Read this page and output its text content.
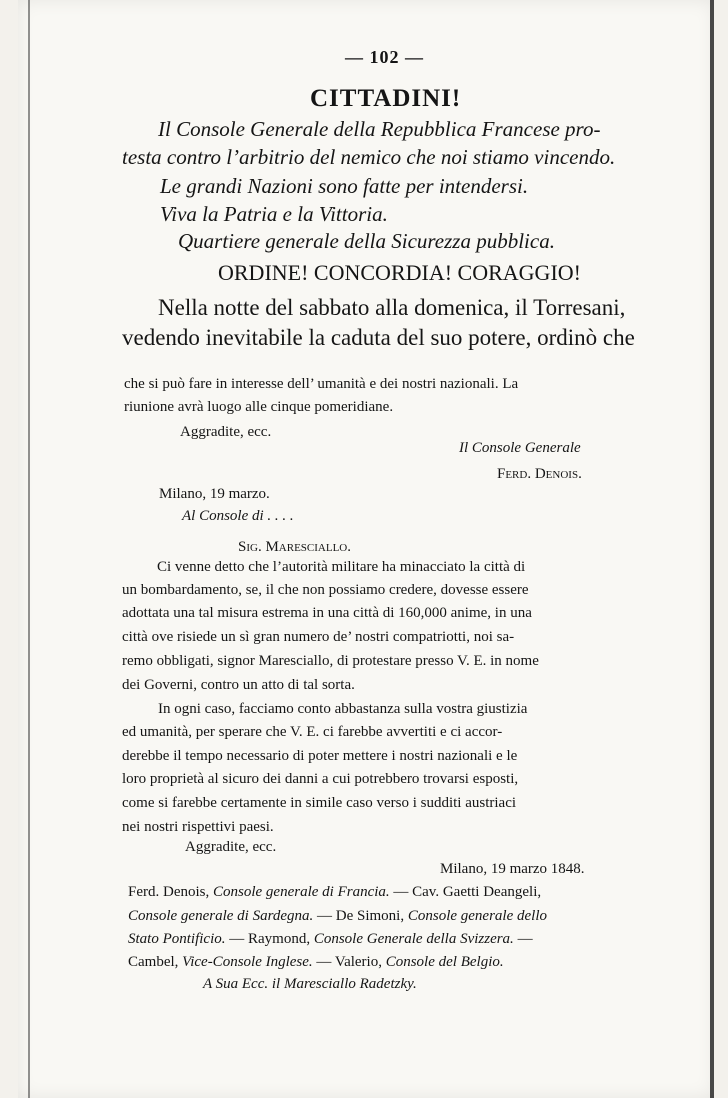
— 102 —
CITTADINI!
Il Console Generale della Repubblica Francese pro-
testa contro l’arbitrio del nemico che noi stiamo vincendo.
Le grandi Nazioni sono fatte per intendersi.
Viva la Patria e la Vittoria.
Quartiere generale della Sicurezza pubblica.
ORDINE! CONCORDIA! CORAGGIO!
Nella notte del sabbato alla domenica, il Torresani,
vedendo inevitabile la caduta del suo potere, ordinò che
che si può fare in interesse dell’ umanità e dei nostri nazionali. La
riunione avrà luogo alle cinque pomeridiane.
Aggradite, ecc.
Il Console Generale
Ferd. Denois.
Milano, 19 marzo.
Al Console di . . . .
Sig. Maresciallo.
Ci venne detto che l’autorità militare ha minacciato la città di
un bombardamento, se, il che non possiamo credere, dovesse essere
adottata una tal misura estrema in una città di 160,000 anime, in una
città ove risiede un sì gran numero de’ nostri compatriotti, noi sa-
remo obbligati, signor Maresciallo, di protestare presso V. E. in nome
dei Governi, contro un atto di tal sorta.
In ogni caso, facciamo conto abbastanza sulla vostra giustizia
ed umanità, per sperare che V. E. ci farebbe avvertiti e ci accor-
derebbe il tempo necessario di poter mettere i nostri nazionali e le
loro proprietà al sicuro dei danni a cui potrebbero trovarsi esposti,
come si farebbe certamente in simile caso verso i sudditi austriaci
nei nostri rispettivi paesi.
Aggradite, ecc.
Milano, 19 marzo 1848.
Ferd. Denois, Console generale di Francia. — Cav. Gaetti Deangeli,
Console generale di Sardegna. — De Simoni, Console generale dello
Stato Pontificio. — Raymond, Console Generale della Svizzera. —
Cambel, Vice-Console Inglese. — Valerio, Console del Belgio.
A Sua Ecc. il Maresciallo Radetzky.
